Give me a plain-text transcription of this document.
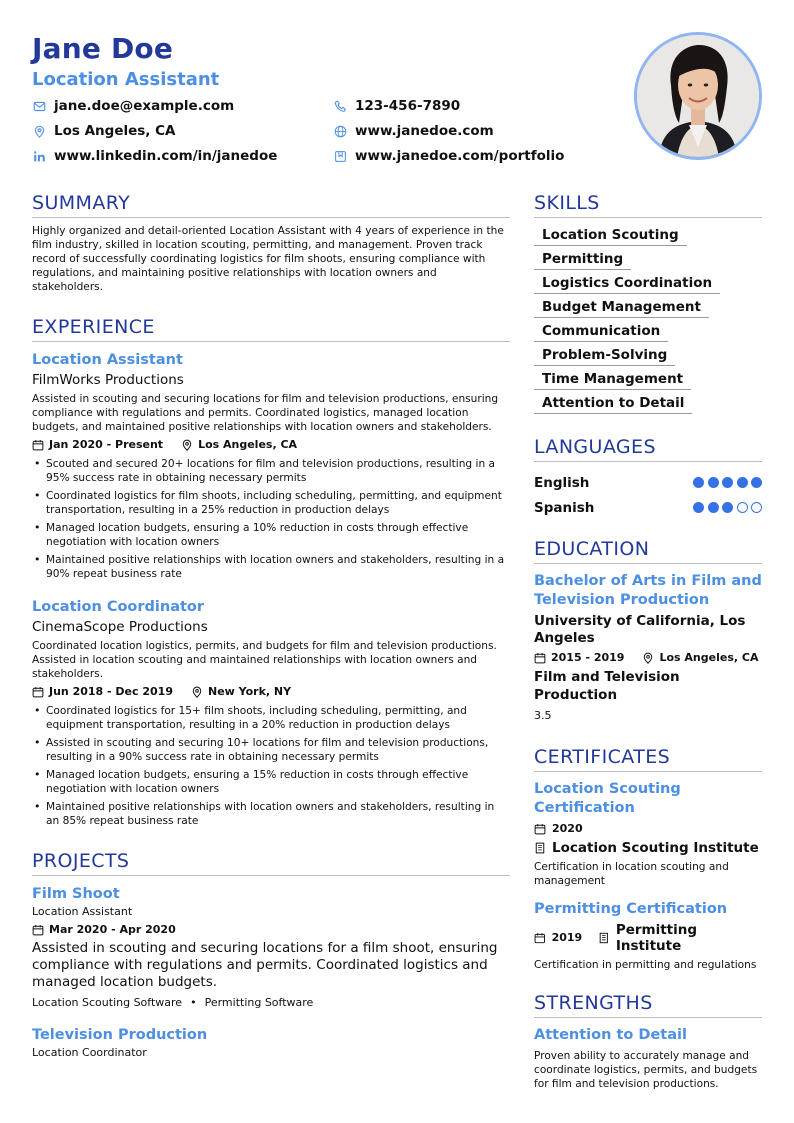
Jane Doe
Location Assistant
jane.doe@example.com	123-456-7890
Los Angeles, CA	www.janedoe.com
www.linkedin.com/in/janedoe	www.janedoe.com/portfolio
SUMMARY
Highly organized and detail-oriented Location Assistant with 4 years of experience in the film industry, skilled in location scouting, permitting, and management. Proven track record of successfully coordinating logistics for film shoots, ensuring compliance with regulations, and maintaining positive relationships with location owners and stakeholders.
EXPERIENCE
Location Assistant
FilmWorks Productions
Assisted in scouting and securing locations for film and television productions, ensuring compliance with regulations and permits. Coordinated logistics, managed location budgets, and maintained positive relationships with location owners and stakeholders.
Jan 2020 - Present	Los Angeles, CA
• Scouted and secured 20+ locations for film and television productions, resulting in a 95% success rate in obtaining necessary permits
• Coordinated logistics for film shoots, including scheduling, permitting, and equipment transportation, resulting in a 25% reduction in production delays
• Managed location budgets, ensuring a 10% reduction in costs through effective negotiation with location owners
• Maintained positive relationships with location owners and stakeholders, resulting in a 90% repeat business rate
Location Coordinator
CinemaScope Productions
Coordinated location logistics, permits, and budgets for film and television productions. Assisted in location scouting and maintained relationships with location owners and stakeholders.
Jun 2018 - Dec 2019	New York, NY
• Coordinated logistics for 15+ film shoots, including scheduling, permitting, and equipment transportation, resulting in a 20% reduction in production delays
• Assisted in scouting and securing 10+ locations for film and television productions, resulting in a 90% success rate in obtaining necessary permits
• Managed location budgets, ensuring a 15% reduction in costs through effective negotiation with location owners
• Maintained positive relationships with location owners and stakeholders, resulting in an 85% repeat business rate
PROJECTS
Film Shoot
Location Assistant
Mar 2020 - Apr 2020
Assisted in scouting and securing locations for a film shoot, ensuring compliance with regulations and permits. Coordinated logistics and managed location budgets.
Location Scouting Software • Permitting Software
Television Production
Location Coordinator
SKILLS
Location Scouting
Permitting
Logistics Coordination
Budget Management
Communication
Problem-Solving
Time Management
Attention to Detail
LANGUAGES
English
Spanish
EDUCATION
Bachelor of Arts in Film and Television Production
University of California, Los Angeles
2015 - 2019	Los Angeles, CA
Film and Television Production
3.5
CERTIFICATES
Location Scouting Certification
2020
Location Scouting Institute
Certification in location scouting and management
Permitting Certification
2019 Permitting Institute
Certification in permitting and regulations
STRENGTHS
Attention to Detail
Proven ability to accurately manage and coordinate logistics, permits, and budgets for film and television productions.
